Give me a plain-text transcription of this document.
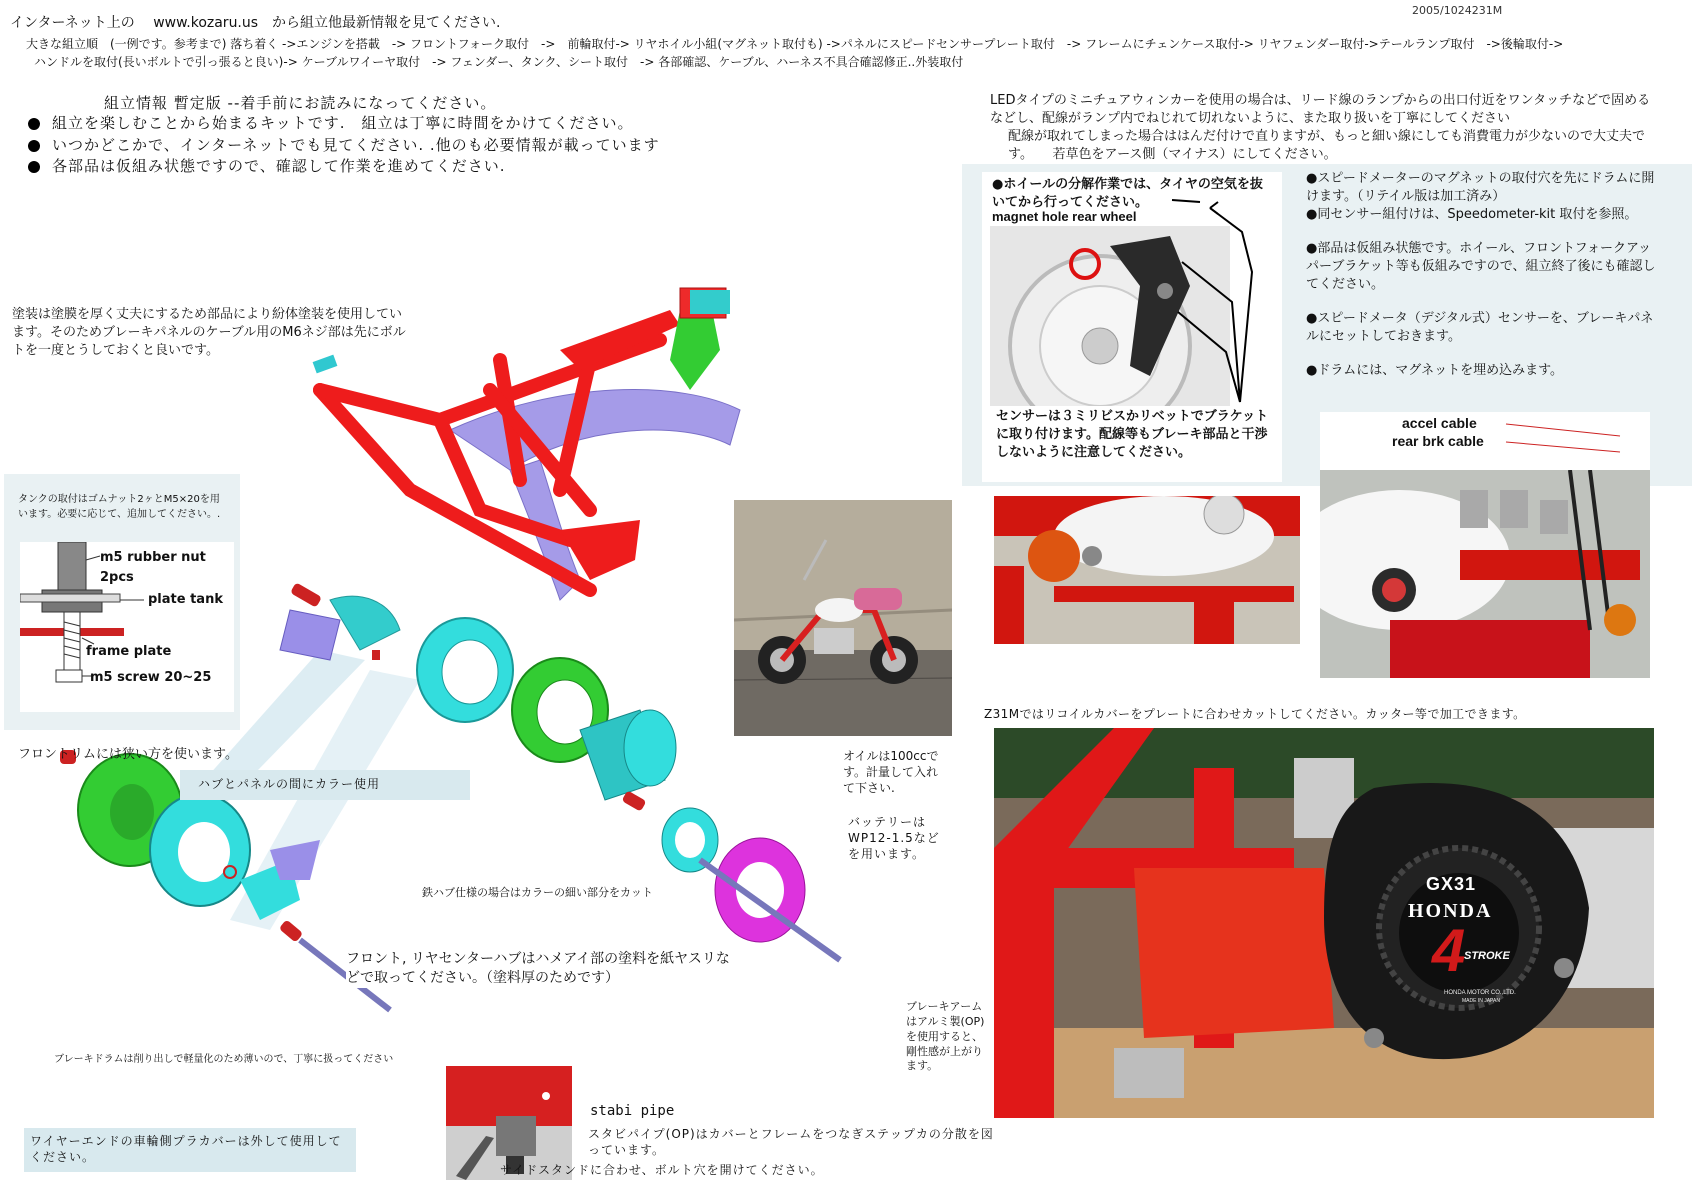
インターネット上の　 www.kozaru.us　から組立他最新情報を見てください.
2005/1024231M
大きな組立順　(一例です。参考まで) 落ち着く ->エンジンを搭載　-> フロントフォーク取付　->　前輪取付-> リヤホイル小組(マグネット取付も) ->パネルにスピードセンサープレート取付　-> フレームにチェンケース取付-> リヤフェンダー取付->テールランプ取付　->後輪取付->
ハンドルを取付(長いボルトで引っ張ると良い)-> ケーブルワイーヤ取付　-> フェンダー、タンク、シート取付　-> 各部確認、ケーブル、ハーネス不具合確認修正..外装取付
組立情報 暫定版 --着手前にお読みになってください。
組立を楽しむことから始まるキットです.　組立は丁寧に時間をかけてください。
いつかどこかで、インターネットでも見てください. .他のも必要情報が載っています
各部品は仮組み状態ですので、確認して作業を進めてください.
塗装は塗膜を厚く丈夫にするため部品により紛体塗装を使用しています。そのためブレーキパネルのケーブル用のM6ネジ部は先にボルトを一度とうしておくと良いです。
タンクの取付はゴムナット2ヶとM5×20を用います。必要に応じて、追加してください。.
m5 rubber nut
2pcs
plate tank
frame plate
m5 screw 20~25
フロントリムには狭い方を使います。
ハブとパネルの間にカラー使用
鉄ハブ仕様の場合はカラーの細い部分をカット
フロント, リヤセンターハブはハメアイ部の塗料を紙ヤスリなどで取ってください。（塗料厚のためです）
ブレーキドラムは削り出しで軽量化のため薄いので、丁寧に扱ってください
ワイヤーエンドの車輪側プラカバーは外して使用してください。
stabi pipe
スタビパイプ(OP)はカバーとフレームをつなぎステップカの分散を図っています。
サイドスタンドに合わせ、ボルト穴を開けてください。
オイルは100ccです。計量して入れて下さい.
バッテリーは WP12-1.5などを用います。
ブレーキアームはアルミ製(OP)を使用すると、剛性感が上がります。
LEDタイプのミニチュアウィンカーを使用の場合は、リード線のランプからの出口付近をワンタッチなどで固めるなどし、配線がランプ内でねじれて切れないように、また取り扱いを丁寧にしてください
配線が取れてしまった場合ははんだ付けで直りますが、もっと細い線にしても消費電力が少ないので大丈夫です。　　若草色をアース側（マイナス）にしてください。
●ホイールの分解作業では、タイヤの空気を抜いてから行ってください。
magnet hole rear wheel
センサーは３ミリビスかリベットでブラケットに取り付けます。配線等もブレーキ部品と干渉しないように注意してください。
●スピードメーターのマグネットの取付穴を先にドラムに開けます。（リテイル版は加工済み）
●同センサー組付けは、Speedometer-kit 取付を参照。
●部品は仮組み状態です。ホイール、フロントフォークアッパーブラケット等も仮組みですので、組立終了後にも確認してください。
●スピードメータ（デジタル式）センサーを、ブレーキパネルにセットしておきます。
●ドラムには、マグネットを埋め込みます。
accel cable
rear brk cable
Z31Mではリコイルカバーをプレートに合わせカットしてください。カッター等で加工できます。
GX31
HONDA
4
STROKE
HONDA MOTOR CO.,LTD.
MADE IN JAPAN
